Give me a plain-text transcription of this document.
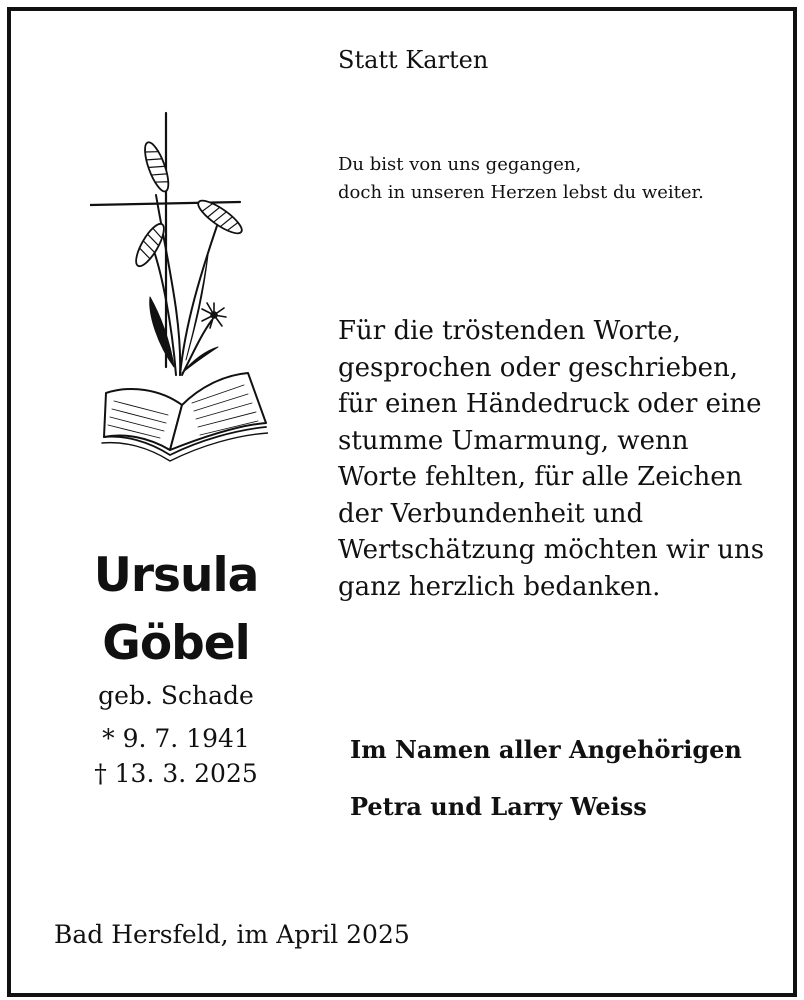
Statt Karten
Du bist von uns gegangen,
doch in unseren Herzen lebst du weiter.
Ursula
Göbel
geb. Schade
* 9. 7. 1941
† 13. 3. 2025
Für die tröstenden Worte,
gesprochen oder geschrieben,
für einen Händedruck oder eine
stumme Umarmung, wenn
Worte fehlten, für alle Zeichen
der Verbundenheit und
Wertschätzung möchten wir uns
ganz herzlich bedanken.
Im Namen aller Angehörigen
Petra und Larry Weiss
Bad Hersfeld, im April 2025
